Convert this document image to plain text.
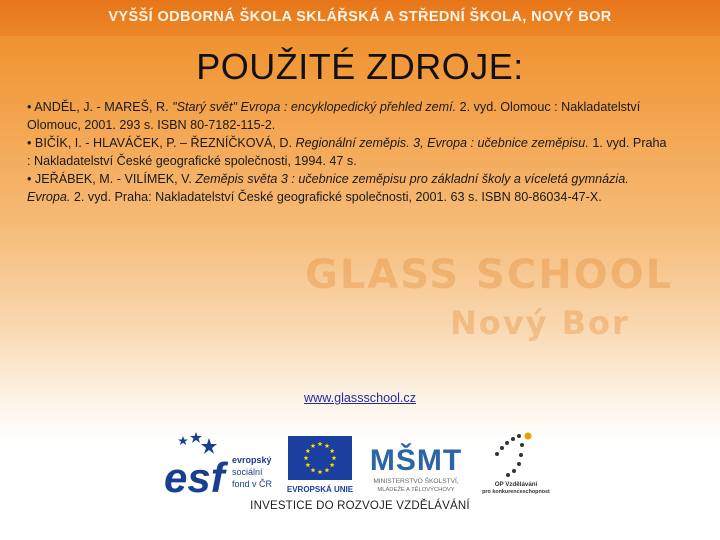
VYŠŠÍ ODBORNÁ ŠKOLA SKLÁŘSKÁ A STŘEDNÍ ŠKOLA, NOVÝ BOR
POUŽITÉ ZDROJE:

• ANDĚL, J. - MAREŠ, R. "Starý svět" Evropa : encyklopedický přehled zemí. 2. vyd. Olomouc : Nakladatelství Olomouc, 2001. 293 s. ISBN 80-7182-115-2.

• BIČÍK, I. - HLAVÁČEK, P. – ŘEZNÍČKOVÁ, D. Regionální zeměpis. 3, Evropa : učebnice zeměpisu. 1. vyd. Praha : Nakladatelství České geografické společnosti, 1994. 47 s.

• JEŘÁBEK, M. - VILÍMEK, V. Zeměpis světa 3 : učebnice zeměpisu pro základní školy a víceletá gymnázia. Evropa. 2. vyd. Praha: Nakladatelství České geografické společnosti, 2001. 63 s. ISBN 80-86034-47-X.

GLASS SCHOOL
Nový Bor
www.glassschool.cz
esf evropský
sociální
fond v ČR
EVROPSKÁ UNIE
MŠMT
MINISTERSTVO ŠKOLSTVÍ,
MLÁDEŽE A TĚLOVÝCHOVY
OP Vzdělávání
pro konkurenceschopnost
INVESTICE DO ROZVOJE VZDĚLÁVÁNÍ
